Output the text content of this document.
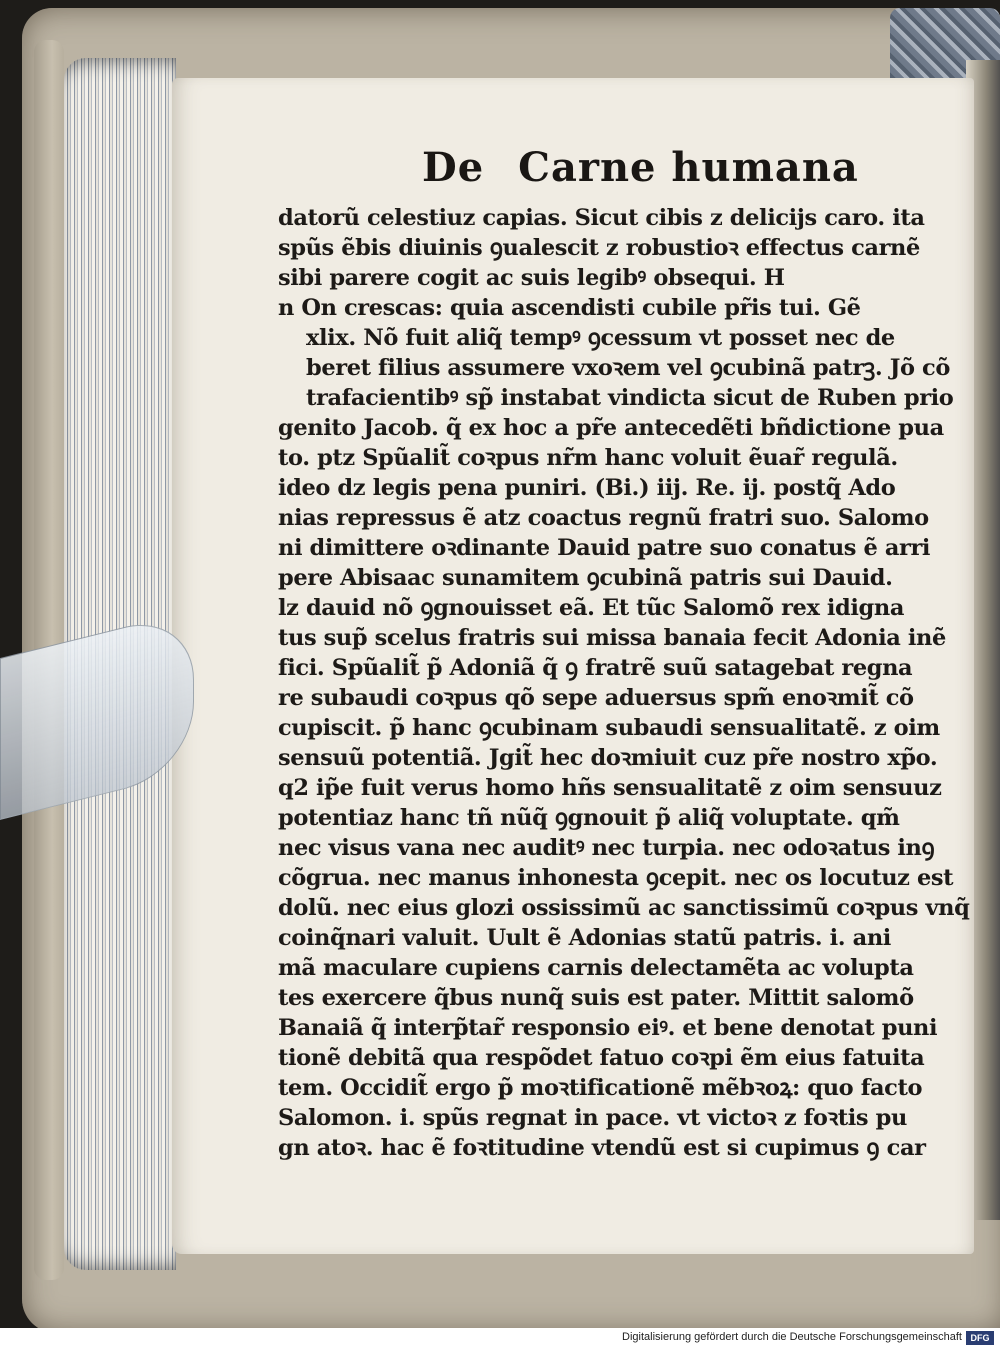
De Carne humana
datorũ celestiuz capias. Sicut cibis z delicijs caro. ita
spũs ẽbis diuinis ꝯualescit z robustioꝛ effectus carnẽ
sibi parere cogit ac suis legibꝰ obsequi. H
n On crescas: quia ascendisti cubile pr̃is tui. Gẽ
xlix. Nõ fuit aliq̃ tempꝰ ꝯcessum vt posset nec de
beret filius assumere vxoꝛem vel ꝯcubinã patrꝫ. Jõ cõ
trafacientibꝰ sp̃ instabat vindicta sicut de Ruben prio
genito Jacob. q̃ ex hoc a pr̃e antecedẽti bñdictione pua
to. ptz Spũalit̃ coꝛpus nr̃m hanc voluit ẽuar̃ regulã.
ideo dz legis pena puniri. (Bi.) iij. Re. ij. postq̃ Ado
nias repressus ẽ atz coactus regnũ fratri suo. Salomo
ni dimittere oꝛdinante Dauid patre suo conatus ẽ arri
pere Abisaac sunamitem ꝯcubinã patris sui Dauid.
lz dauid nõ ꝯgnouisset eã. Et tũc Salomõ rex idigna
tus sup̃ scelus fratris sui missa banaia fecit Adonia inẽ
fici. Spũalit̃ p̃ Adoniã q̃ ꝯ fratrẽ suũ satagebat regna
re subaudi coꝛpus qõ sepe aduersus spm̃ enoꝛmit̃ cõ
cupiscit. p̃ hanc ꝯcubinam subaudi sensualitatẽ. z oim
sensuũ potentiã. Jgit̃ hec doꝛmiuit cuz pr̃e nostro xp̃o.
q2 ip̃e fuit verus homo hñs sensualitatẽ z oim sensuuz
potentiaz hanc tñ nũq̃ ꝯgnouit p̃ aliq̃ voluptate. qm̃
nec visus vana nec auditꝰ nec turpia. nec odoꝛatus inꝯ
cõgrua. nec manus inhonesta ꝯcepit. nec os locutuz est
dolũ. nec eius glozi ossissimũ ac sanctissimũ coꝛpus vnq̃
coinq̃nari valuit. Uult ẽ Adonias statũ patris. i. ani
mã maculare cupiens carnis delectamẽta ac volupta
tes exercere q̃bus nunq̃ suis est pater. Mittit salomõ
Banaiã q̃ interp̃tar̃ responsio eiꝰ. et bene denotat puni
tionẽ debitã qua respõdet fatuo coꝛpi ẽm eius fatuita
tem. Occidit̃ ergo p̃ moꝛtificationẽ mẽbꝛoꝝ: quo facto
Salomon. i. spũs regnat in pace. vt victoꝛ z foꝛtis pu
gn atoꝛ. hac ẽ foꝛtitudine vtendũ est si cupimus ꝯ car
Digitalisierung gefördert durch die Deutsche Forschungsgemeinschaft DFG
